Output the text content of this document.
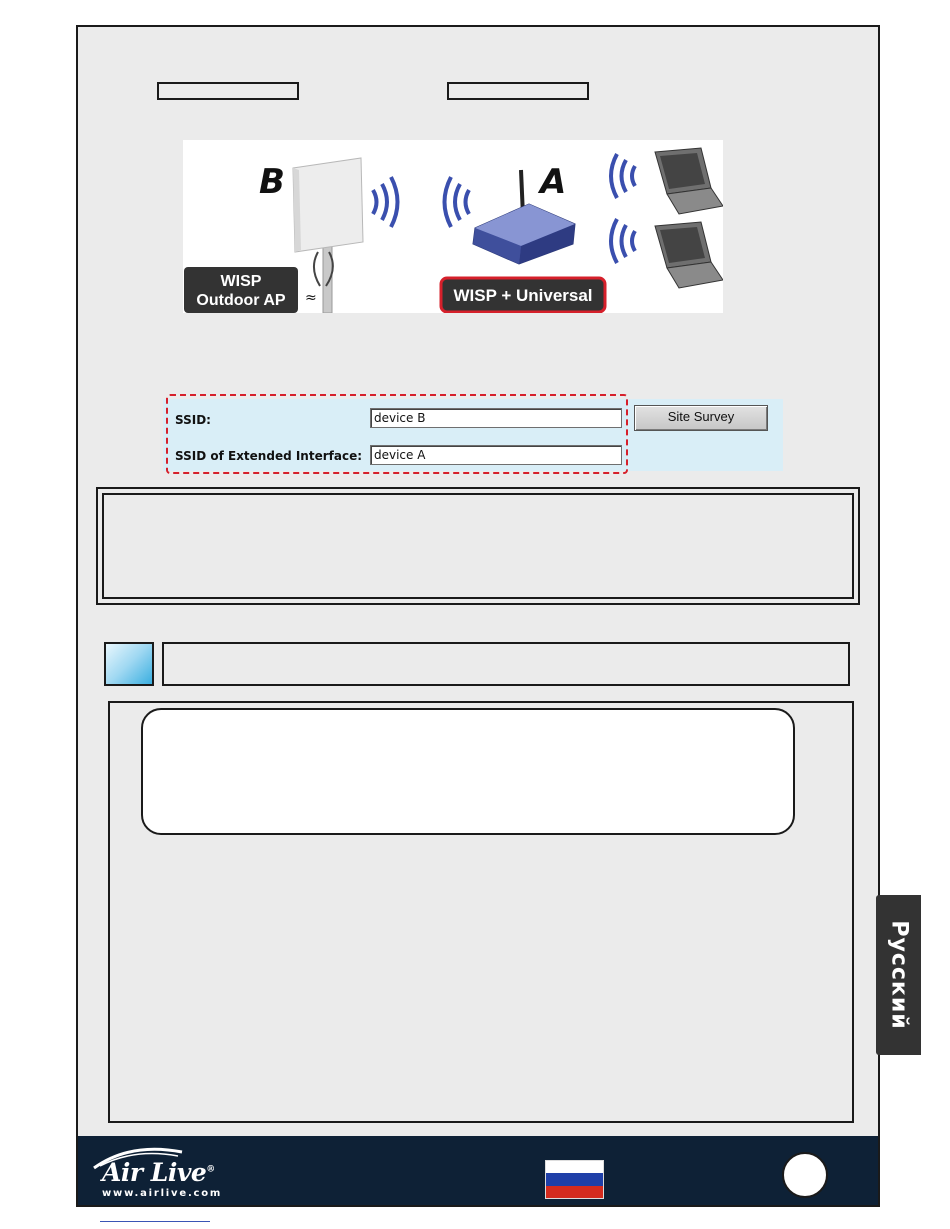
B
WISP
Outdoor AP ≈
A
WISP + Universal
SSID:	device B
SSID of Extended Interface: device A
Site Survey
Русский
Air Live®
www.airlive.com
